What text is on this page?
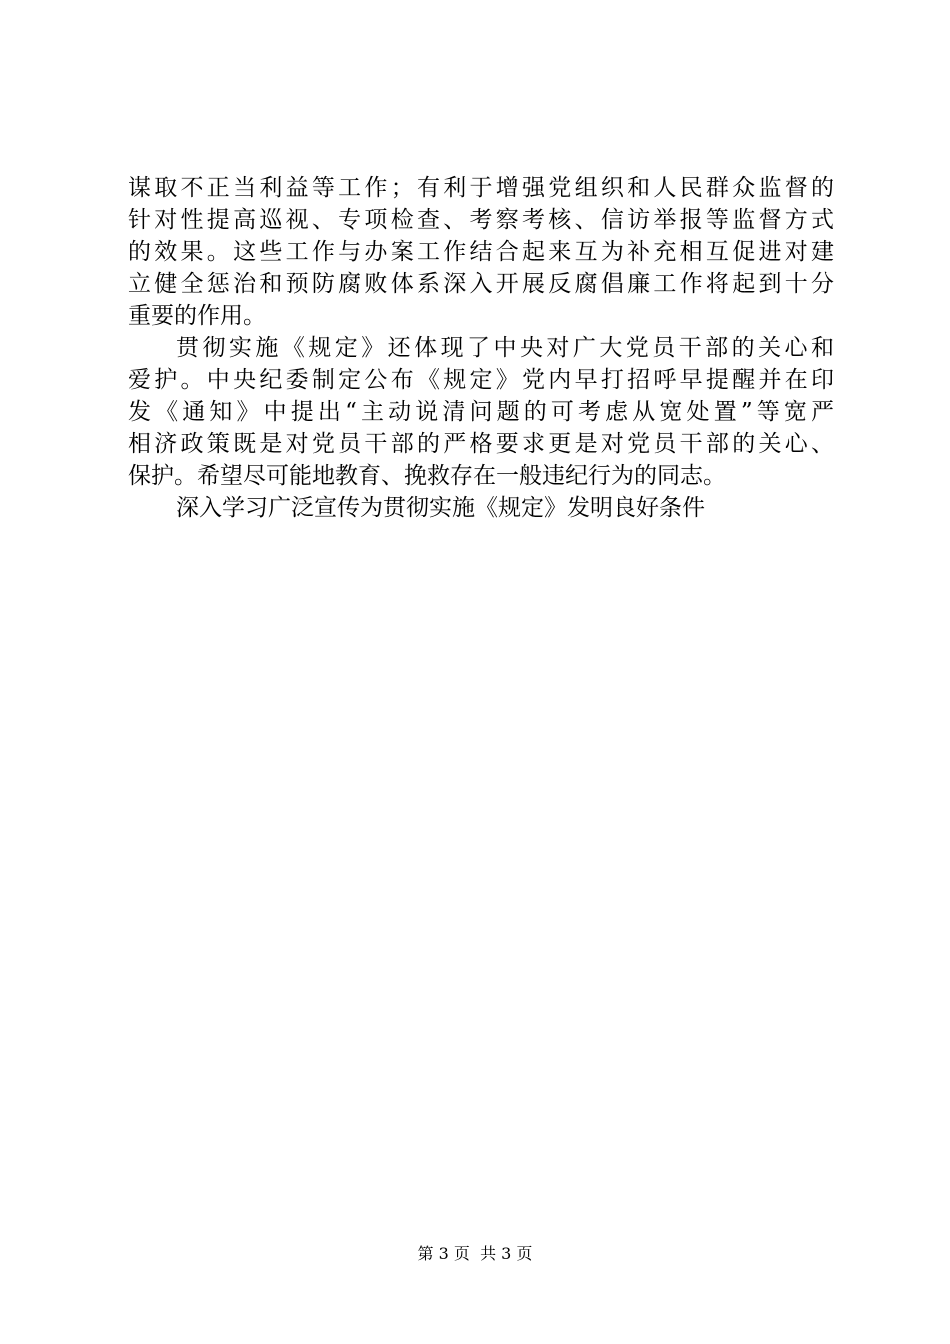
谋取不正当利益等工作；有利于增强党组织和人民群众监督的
针对性提高巡视、专项检查、考察考核、信访举报等监督方式
的效果。这些工作与办案工作结合起来互为补充相互促进对建
立健全惩治和预防腐败体系深入开展反腐倡廉工作将起到十分
重要的作用。
贯彻实施《规定》还体现了中央对广大党员干部的关心和
爱护。中央纪委制定公布《规定》党内早打招呼早提醒并在印
发《通知》中提出“主动说清问题的可考虑从宽处置”等宽严
相济政策既是对党员干部的严格要求更是对党员干部的关心、
保护。希望尽可能地教育、挽救存在一般违纪行为的同志。
深入学习广泛宣传为贯彻实施《规定》发明良好条件
第 3 页  共 3 页
